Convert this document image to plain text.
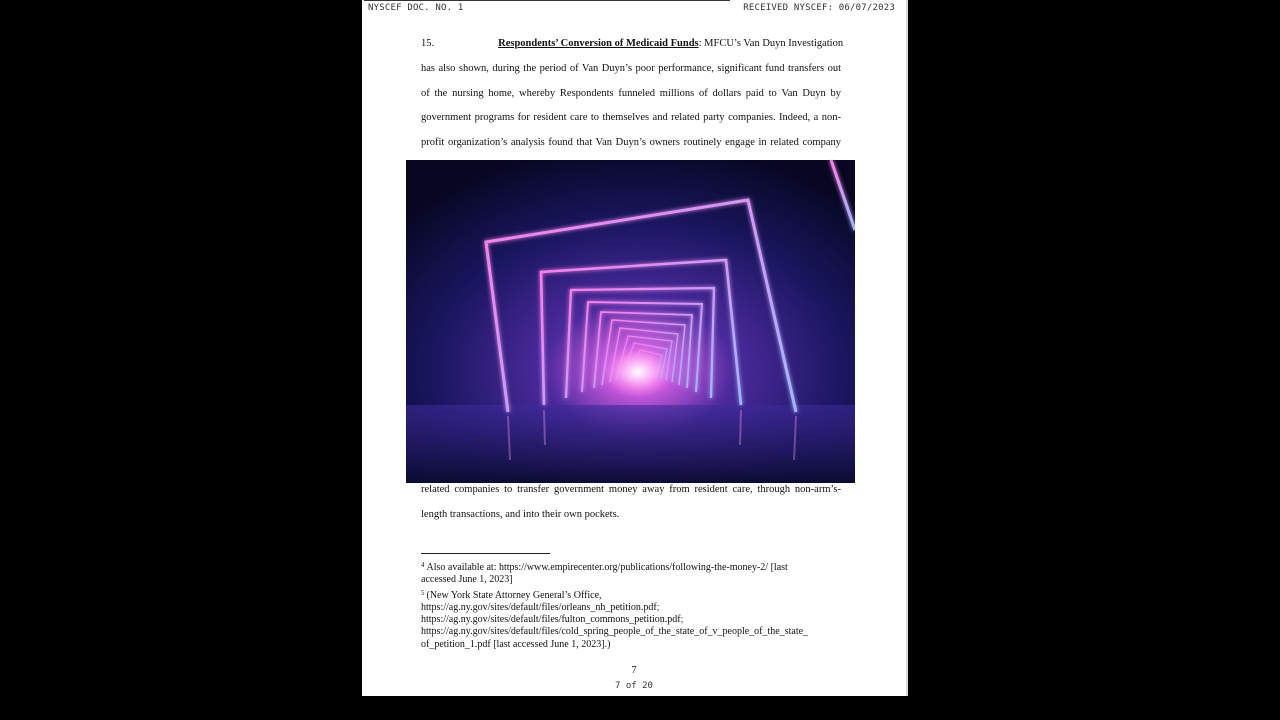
NYSCEF DOC. NO. 1	RECEIVED NYSCEF: 06/07/2023
15.	Respondents’ Conversion of Medicaid Funds: MFCU’s Van Duyn Investigation
has also shown, during the period of Van Duyn’s poor performance, significant fund transfers out
of the nursing home, whereby Respondents funneled millions of dollars paid to Van Duyn by
government programs for resident care to themselves and related party companies. Indeed, a non-
profit organization’s analysis found that Van Duyn’s owners routinely engage in related company
related companies to transfer government money away from resident care, through non-arm’s-
length transactions, and into their own pockets.
$^4$ Also available at: https://www.empirecenter.org/publications/following-the-money-2/ [last
accessed June 1, 2023]
$^5$ (New York State Attorney General’s Office,
https://ag.ny.gov/sites/default/files/orleans_nh_petition.pdf;
https://ag.ny.gov/sites/default/files/fulton_commons_petition.pdf;
https://ag.ny.gov/sites/default/files/cold_spring_people_of_the_state_of_v_people_of_the_state_
of_petition_1.pdf [last accessed June 1, 2023].)
7
7 of 20
